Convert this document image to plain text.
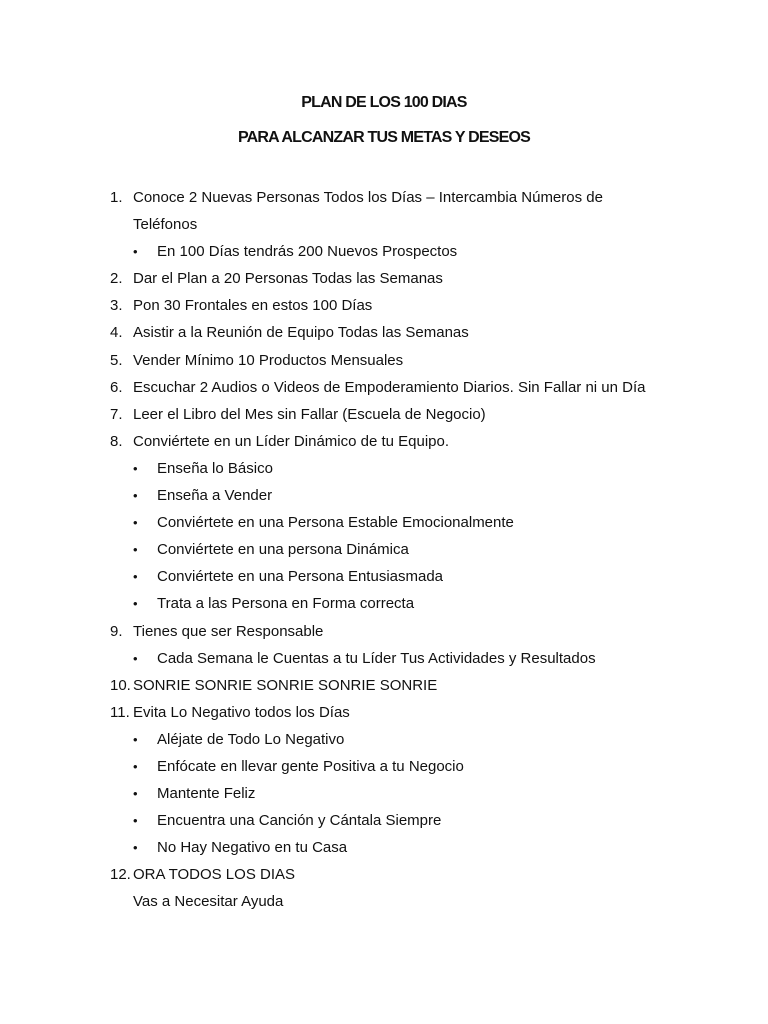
PLAN DE LOS 100 DIAS
PARA ALCANZAR TUS METAS Y DESEOS
1. Conoce 2 Nuevas Personas Todos los Días – Intercambia Números de
Teléfonos
• En 100 Días tendrás 200 Nuevos Prospectos
2. Dar el Plan a 20 Personas Todas las Semanas
3. Pon 30 Frontales en estos 100 Días
4. Asistir a la Reunión de Equipo Todas las Semanas
5. Vender Mínimo 10 Productos Mensuales
6. Escuchar 2 Audios o Videos de Empoderamiento Diarios. Sin Fallar ni un Día
7. Leer el Libro del Mes sin Fallar (Escuela de Negocio)
8. Conviértete en un Líder Dinámico de tu Equipo.
• Enseña lo Básico
• Enseña a Vender
• Conviértete en una Persona Estable Emocionalmente
• Conviértete en una persona Dinámica
• Conviértete en una Persona Entusiasmada
• Trata a las Persona en Forma correcta
9. Tienes que ser Responsable
• Cada Semana le Cuentas a tu Líder Tus Actividades y Resultados
10. SONRIE SONRIE SONRIE SONRIE SONRIE
11. Evita Lo Negativo todos los Días
• Aléjate de Todo Lo Negativo
• Enfócate en llevar gente Positiva a tu Negocio
• Mantente Feliz
• Encuentra una Canción y Cántala Siempre
• No Hay Negativo en tu Casa
12. ORA TODOS LOS DIAS
Vas a Necesitar Ayuda
